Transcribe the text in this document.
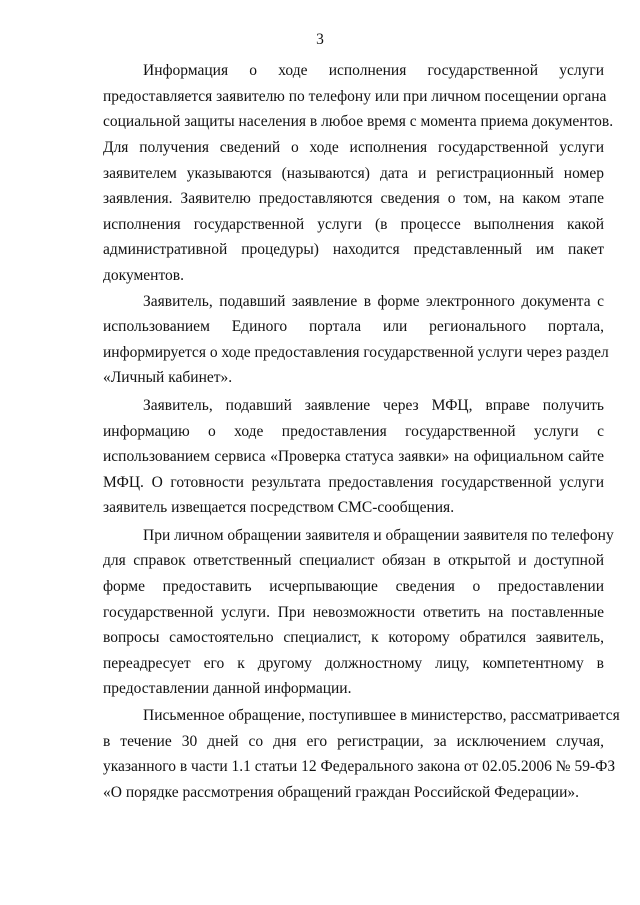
3

Информация о ходе исполнения государственной услуги

предоставляется заявителю по телефону или при личном посещении органа

социальной защиты населения в любое время с момента приема документов.

Для получения сведений о ходе исполнения государственной услуги

заявителем указываются (называются) дата и регистрационный номер

заявления. Заявителю предоставляются сведения о том, на каком этапе

исполнения государственной услуги (в процессе выполнения какой

административной процедуры) находится представленный им пакет

документов.

Заявитель, подавший заявление в форме электронного документа с

использованием Единого портала или регионального портала,

информируется о ходе предоставления государственной услуги через раздел

«Личный кабинет».

Заявитель, подавший заявление через МФЦ, вправе получить

информацию о ходе предоставления государственной услуги с

использованием сервиса «Проверка статуса заявки» на официальном сайте

МФЦ. О готовности результата предоставления государственной услуги

заявитель извещается посредством СМС-сообщения.

При личном обращении заявителя и обращении заявителя по телефону

для справок ответственный специалист обязан в открытой и доступной

форме предоставить исчерпывающие сведения о предоставлении

государственной услуги. При невозможности ответить на поставленные

вопросы самостоятельно специалист, к которому обратился заявитель,

переадресует его к другому должностному лицу, компетентному в

предоставлении данной информации.

Письменное обращение, поступившее в министерство, рассматривается

в течение 30 дней со дня его регистрации, за исключением случая,

указанного в части 1.1 статьи 12 Федерального закона от 02.05.2006 № 59-ФЗ

«О порядке рассмотрения обращений граждан Российской Федерации».
